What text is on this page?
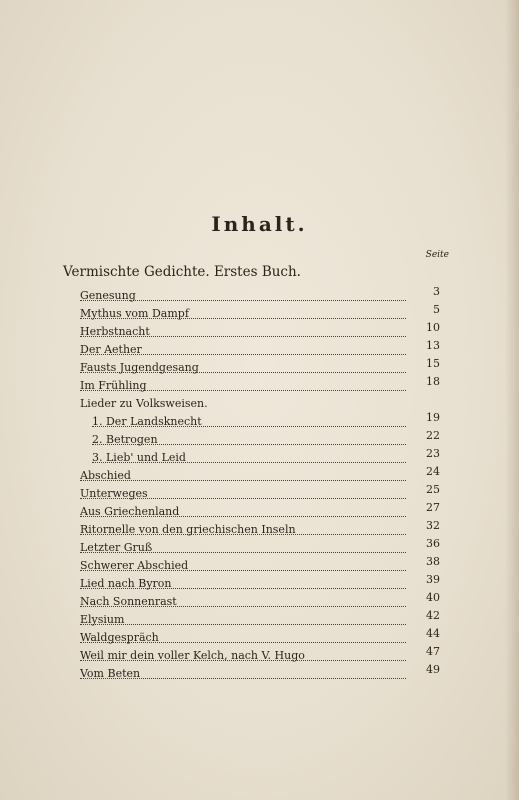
Inhalt.
Seite
Vermischte Gedichte. Erstes Buch.
Genesung	3
Mythus vom Dampf	5
Herbstnacht	10
Der Aether	13
Fausts Jugendgesang	15
Im Frühling	18
Lieder zu Volksweisen.
1. Der Landsknecht	19
2. Betrogen	22
3. Lieb' und Leid	23
Abschied	24
Unterweges	25
Aus Griechenland	27
Ritornelle von den griechischen Inseln	32
Letzter Gruß	36
Schwerer Abschied	38
Lied nach Byron	39
Nach Sonnenrast	40
Elysium	42
Waldgespräch	44
Weil mir dein voller Kelch, nach V. Hugo	47
Vom Beten	49
